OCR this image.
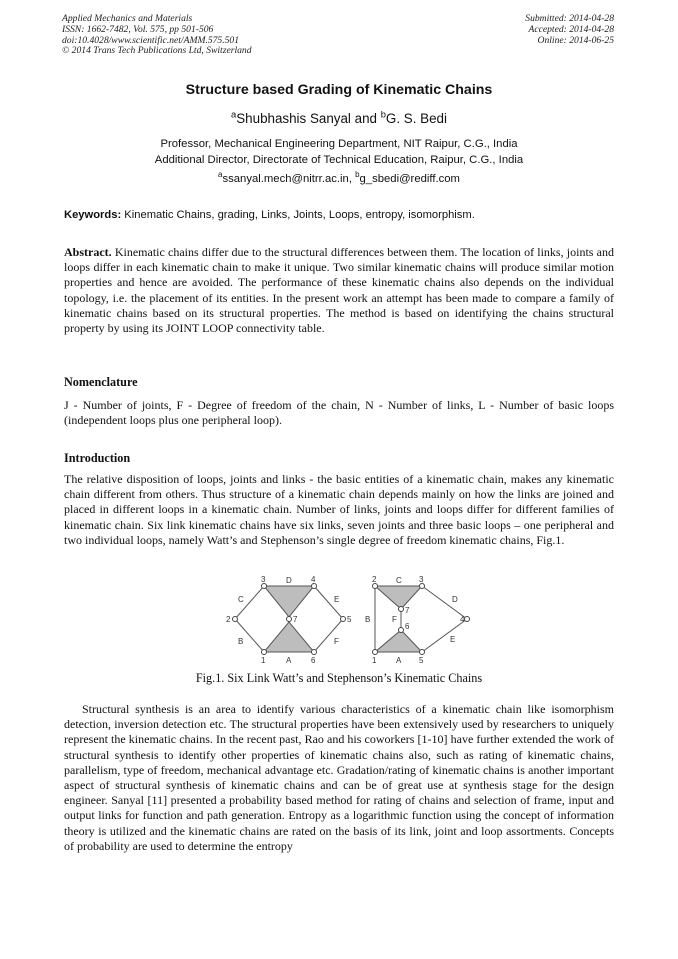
Applied Mechanics and Materials
ISSN: 1662-7482, Vol. 575, pp 501-506
doi:10.4028/www.scientific.net/AMM.575.501
© 2014 Trans Tech Publications Ltd, Switzerland
Submitted: 2014-04-28
Accepted: 2014-04-28
Online: 2014-06-25
Structure based Grading of Kinematic Chains
$^a$Shubhashis Sanyal and $^b$G. S. Bedi
Professor, Mechanical Engineering Department, NIT Raipur, C.G., India
Additional Director, Directorate of Technical Education, Raipur, C.G., India
$^a$ssanyal.mech@nitrr.ac.in, $^b$g_sbedi@rediff.com
Keywords: Kinematic Chains, grading, Links, Joints, Loops, entropy, isomorphism.
Abstract. Kinematic chains differ due to the structural differences between them. The location of links, joints and loops differ in each kinematic chain to make it unique. Two similar kinematic chains will produce similar motion properties and hence are avoided. The performance of these kinematic chains also depends on the individual topology, i.e. the placement of its entities. In the present work an attempt has been made to compare a family of kinematic chains based on its structural properties. The method is based on identifying the chains structural property by using its JOINT LOOP connectivity table.
Nomenclature
J - Number of joints, F - Degree of freedom of the chain, N - Number of links, L - Number of basic loops (independent loops plus one peripheral loop).
Introduction
The relative disposition of loops, joints and links - the basic entities of a kinematic chain, makes any kinematic chain different from others. Thus structure of a kinematic chain depends mainly on how the links are joined and placed in different loops in a kinematic chain. Number of links, joints and loops differ for different families of kinematic chain. Six link kinematic chains have six links, seven joints and three basic loops – one peripheral and two individual loops, namely Watt’s and Stephenson’s single degree of freedom kinematic chains, Fig.1.
3	4
2	7	5
1	6
D
C	E
B	F
A
2	3
7
6
4
1	5
C
D
B	F
E
A
Fig.1. Six Link Watt’s and Stephenson’s Kinematic Chains
Structural synthesis is an area to identify various characteristics of a kinematic chain like isomorphism detection, inversion detection etc. The structural properties have been extensively used by researchers to uniquely represent the kinematic chains. In the recent past, Rao and his coworkers [1-10] have further extended the work of structural synthesis to identify other properties of kinematic chains also, such as rating of kinematic chains, parallelism, type of freedom, mechanical advantage etc. Gradation/rating of kinematic chains is another important aspect of structural synthesis of kinematic chains and can be of great use at synthesis stage for the design engineer. Sanyal [11] presented a probability based method for rating of chains and selection of frame, input and output links for function and path generation. Entropy as a logarithmic function using the concept of information theory is utilized and the kinematic chains are rated on the basis of its link, joint and loop assortments. Concepts of probability are used to determine the entropy
